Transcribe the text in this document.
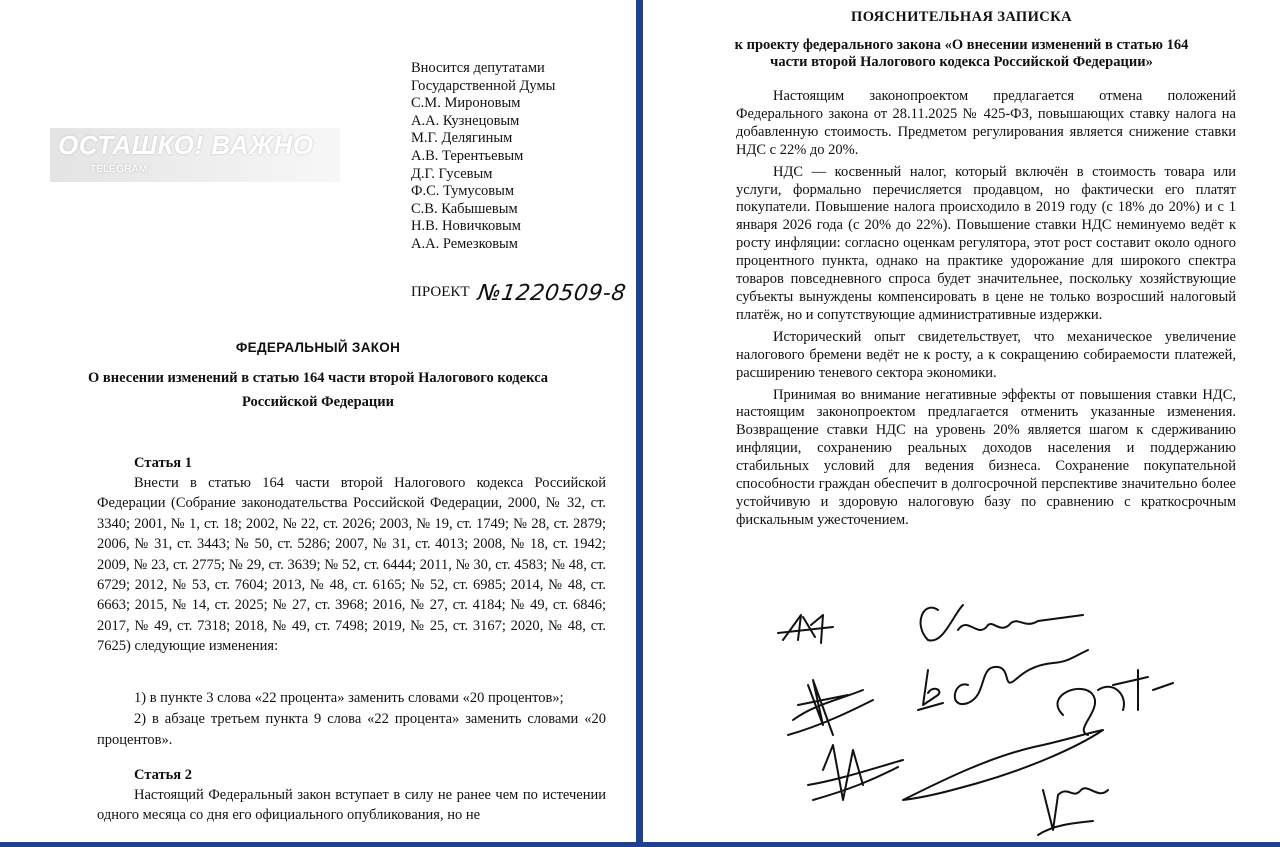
Вносится депутатами
Государственной Думы
С.М. Мироновым
А.А. Кузнецовым
М.Г. Делягиным
А.В. Терентьевым
Д.Г. Гусевым
Ф.С. Тумусовым
С.В. Кабышевым
Н.В. Новичковым
А.А. Ремезковым
ОСТАШКО! ВАЖНО
TELEGRAM
ПРОЕКТ №1220509-8
ФЕДЕРАЛЬНЫЙ ЗАКОН
О внесении изменений в статью 164 части второй Налогового кодекса
Российской Федерации
Статья 1

Внести в статью 164 части второй Налогового кодекса Российской Федерации (Собрание законодательства Российской Федерации, 2000, № 32, ст. 3340; 2001, № 1, ст. 18; 2002, № 22, ст. 2026; 2003, № 19, ст. 1749; № 28, ст. 2879; 2006, № 31, ст. 3443; № 50, ст. 5286; 2007, № 31, ст. 4013; 2008, № 18, ст. 1942; 2009, № 23, ст. 2775; № 29, ст. 3639; № 52, ст. 6444; 2011, № 30, ст. 4583; № 48, ст. 6729; 2012, № 53, ст. 7604; 2013, № 48, ст. 6165; № 52, ст. 6985; 2014, № 48, ст. 6663; 2015, № 14, ст. 2025; № 27, ст. 3968; 2016, № 27, ст. 4184; № 49, ст. 6846; 2017, № 49, ст. 7318; 2018, № 49, ст. 7498; 2019, № 25, ст. 3167; 2020, № 48, ст. 7625) следующие изменения:

1) в пункте 3 слова «22 процента» заменить словами «20 процентов»;

2) в абзаце третьем пункта 9 слова «22 процента» заменить словами «20 процентов».

Статья 2

Настоящий Федеральный закон вступает в силу не ранее чем по истечении одного месяца со дня его официального опубликования, но не

ПОЯСНИТЕЛЬНАЯ ЗАПИСКА
к проекту федерального закона «О внесении изменений в статью 164
части второй Налогового кодекса Российской Федерации»

Настоящим законопроектом предлагается отмена положений Федерального закона от 28.11.2025 № 425-ФЗ, повышающих ставку налога на добавленную стоимость. Предметом регулирования является снижение ставки НДС с 22% до 20%.

НДС — косвенный налог, который включён в стоимость товара или услуги, формально перечисляется продавцом, но фактически его платят покупатели. Повышение налога происходило в 2019 году (с 18% до 20%) и с 1 января 2026 года (с 20% до 22%). Повышение ставки НДС неминуемо ведёт к росту инфляции: согласно оценкам регулятора, этот рост составит около одного процентного пункта, однако на практике удорожание для широкого спектра товаров повседневного спроса будет значительнее, поскольку хозяйствующие субъекты вынуждены компенсировать в цене не только возросший налоговый платёж, но и сопутствующие административные издержки.

Исторический опыт свидетельствует, что механическое увеличение налогового бремени ведёт не к росту, а к сокращению собираемости платежей, расширению теневого сектора экономики.

Принимая во внимание негативные эффекты от повышения ставки НДС, настоящим законопроектом предлагается отменить указанные изменения. Возвращение ставки НДС на уровень 20% является шагом к сдерживанию инфляции, сохранению реальных доходов населения и поддержанию стабильных условий для ведения бизнеса. Сохранение покупательной способности граждан обеспечит в долгосрочной перспективе значительно более устойчивую и здоровую налоговую базу по сравнению с краткосрочным фискальным ужесточением.
